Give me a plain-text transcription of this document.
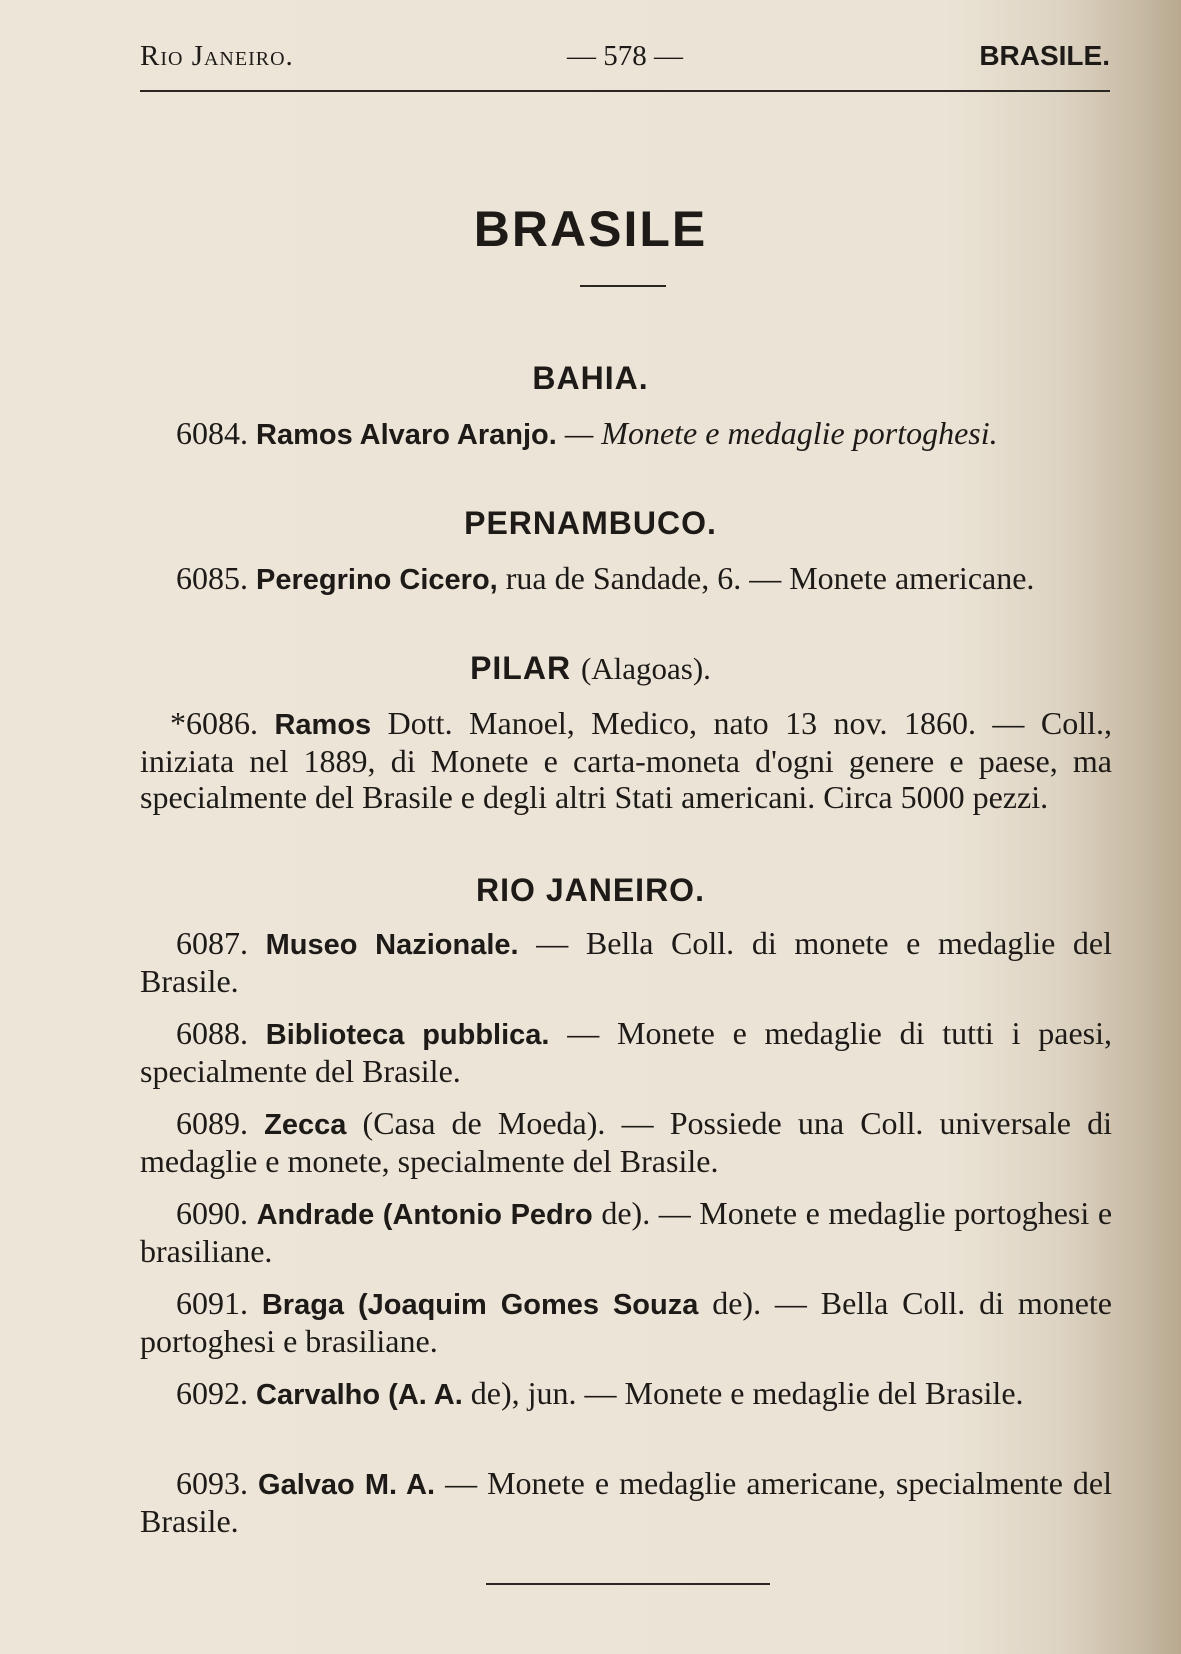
Rio Janeiro.	— 578 —	BRASILE.
BRASILE
BAHIA.
6084. Ramos Alvaro Aranjo. — Monete e medaglie portoghesi.
PERNAMBUCO.
6085. Peregrino Cicero, rua de Sandade, 6. — Monete americane.
PILAR (Alagoas).
*6086. Ramos Dott. Manoel, Medico, nato 13 nov. 1860. — Coll., iniziata nel 1889, di Monete e carta-moneta d'ogni genere e paese, ma specialmente del Brasile e degli altri Stati americani. Circa 5000 pezzi.
RIO JANEIRO.
6087. Museo Nazionale. — Bella Coll. di monete e medaglie del Brasile.
6088. Biblioteca pubblica. — Monete e medaglie di tutti i paesi, specialmente del Brasile.
6089. Zecca (Casa de Moeda). — Possiede una Coll. universale di medaglie e monete, specialmente del Brasile.
6090. Andrade (Antonio Pedro de). — Monete e medaglie portoghesi e brasiliane.
6091. Braga (Joaquim Gomes Souza de). — Bella Coll. di monete portoghesi e brasiliane.
6092. Carvalho (A. A. de), jun. — Monete e medaglie del Brasile.
6093. Galvao M. A. — Monete e medaglie americane, specialmente del Brasile.
